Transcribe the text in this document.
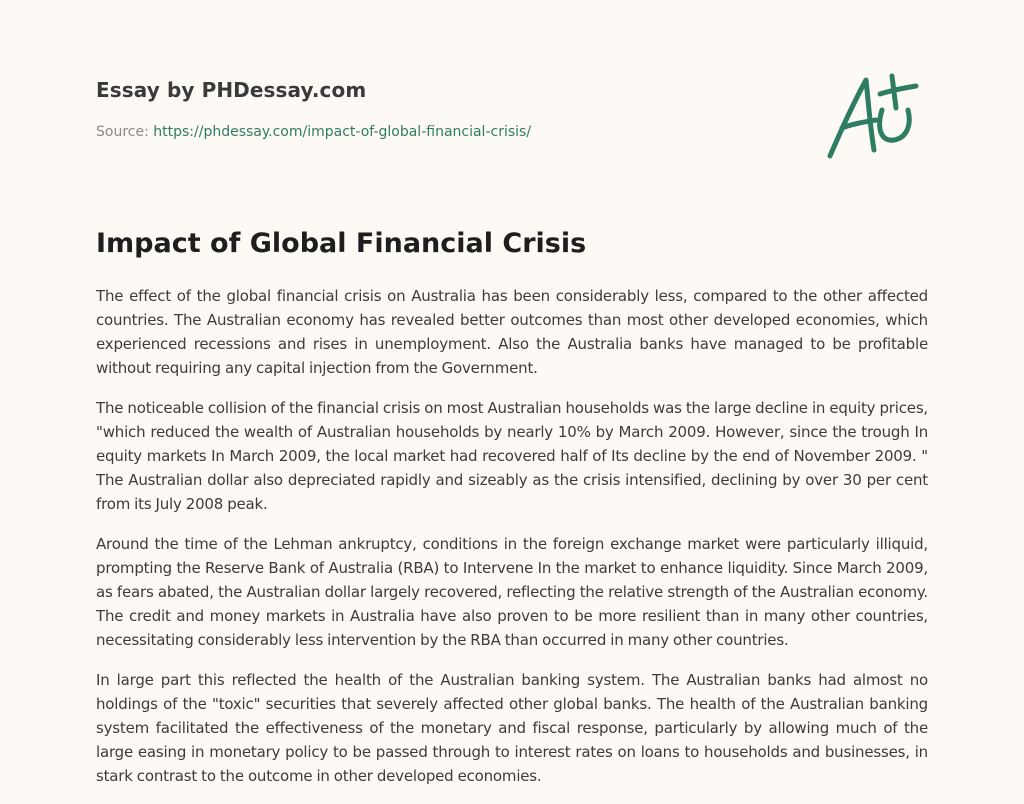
Essay by PHDessay.com
Source: https://phdessay.com/impact-of-global-financial-crisis/
Impact of Global Financial Crisis

The effect of the global financial crisis on Australia has been considerably less, compared to the other affected countries. The Australian economy has revealed better outcomes than most other developed economies, which experienced recessions and rises in unemployment. Also the Australia banks have managed to be profitable without requiring any capital injection from the Government.

The noticeable collision of the financial crisis on most Australian households was the large decline in equity prices, "which reduced the wealth of Australian households by nearly 10% by March 2009. However, since the trough In equity markets In March 2009, the local market had recovered half of Its decline by the end of November 2009. " The Australian dollar also depreciated rapidly and sizeably as the crisis intensified, declining by over 30 per cent from its July 2008 peak.

Around the time of the Lehman ankruptcy, conditions in the foreign exchange market were particularly illiquid, prompting the Reserve Bank of Australia (RBA) to Intervene In the market to enhance liquidity. Since March 2009, as fears abated, the Australian dollar largely recovered, reflecting the relative strength of the Australian economy. The credit and money markets in Australia have also proven to be more resilient than in many other countries, necessitating considerably less intervention by the RBA than occurred in many other countries.

In large part this reflected the health of the Australian banking system. The Australian banks had almost no holdings of the "toxic" securities that severely affected other global banks. The health of the Australian banking system facilitated the effectiveness of the monetary and fiscal response, particularly by allowing much of the large easing in monetary policy to be passed through to interest rates on loans to households and businesses, in stark contrast to the outcome in other developed economies.
